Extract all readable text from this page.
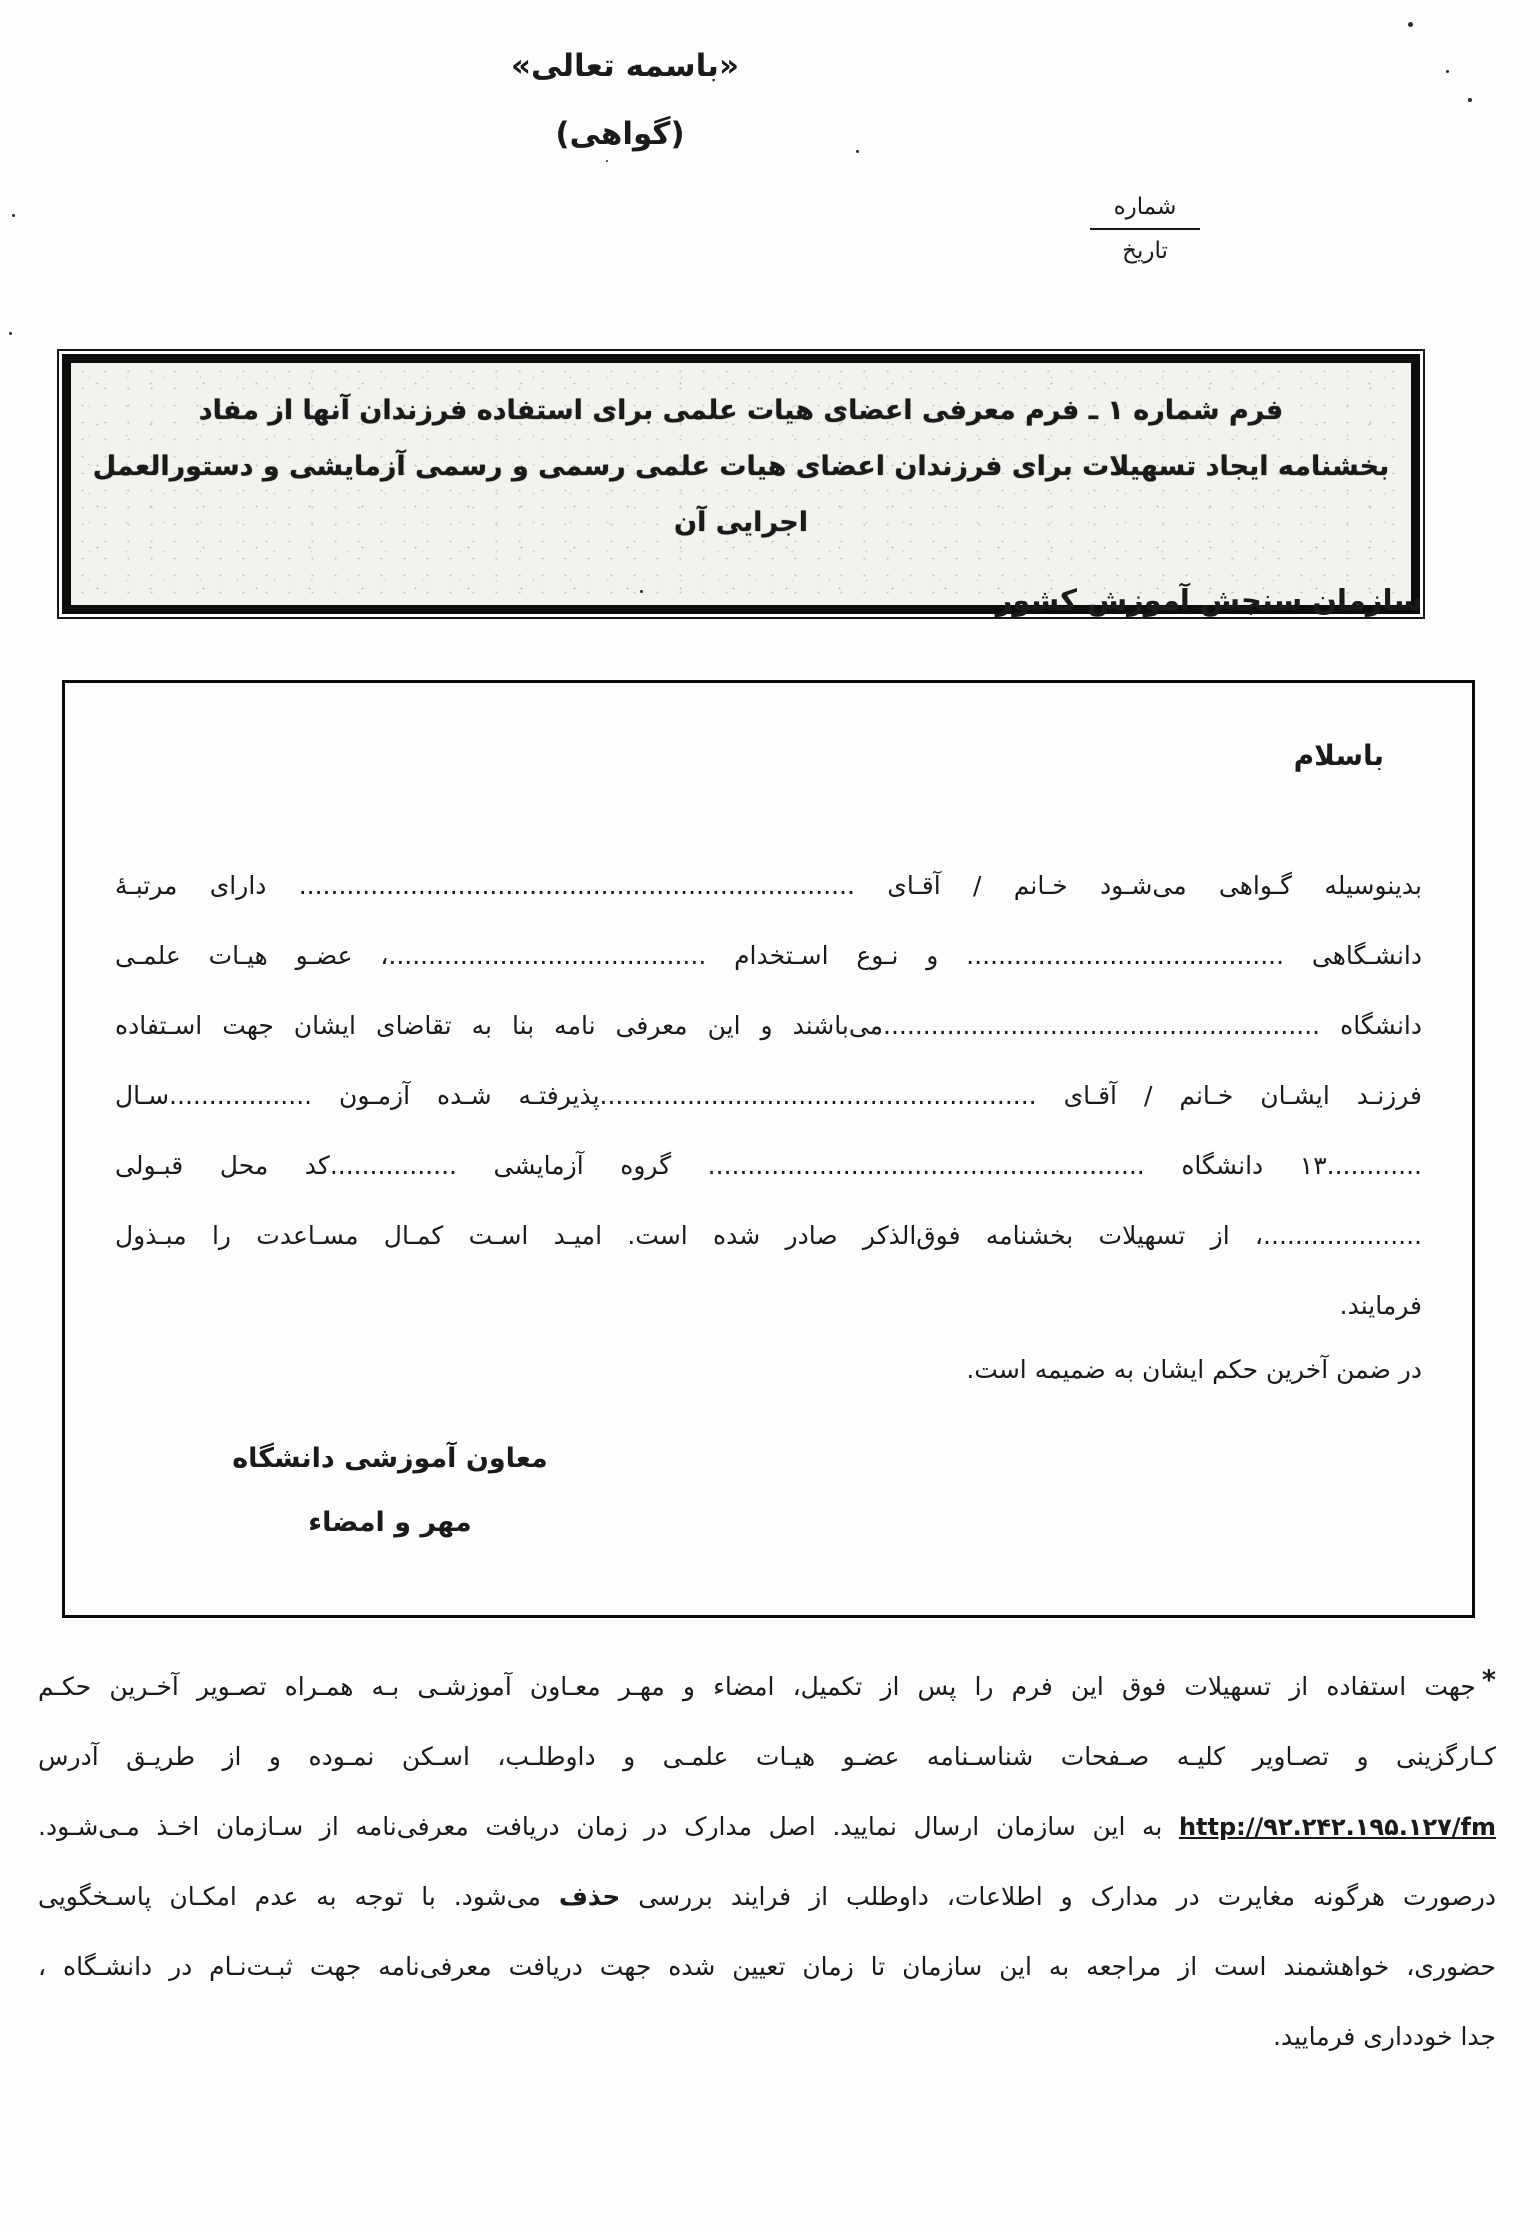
«باسمه تعالی»
(گواهی)
شماره
تاریخ
فرم شماره ۱ ـ فرم معرفی اعضای هیات علمی برای استفاده فرزندان آنها از مفاد
بخشنامه ایجاد تسهیلات برای فرزندان اعضای هیات علمی رسمی و رسمی آزمایشی و دستورالعمل اجرایی آن
سازمان سنجش آموزش کشور
باسلام
بدینوسیله گـواهی می‌شـود خـانم / آقـای ...................................................................... دارای مرتبـۀ
دانشـگاهی ........................................ و نـوع اسـتخدام ........................................، عضـو هیـات علمـی
دانشگاه .......................................................می‌باشند و این معرفی نامه بنا به تقاضای ایشان جهت اسـتفاده
فرزنـد ایشـان خـانم / آقـای .......................................................پذیرفتـه شـده آزمـون ..................سـال
............۱۳ دانشگاه ....................................................... گروه آزمایشی ................کد محل قبـولی
....................، از تسهیلات بخشنامه فوق‌الذکر صادر شده است. امیـد اسـت کمـال مسـاعدت را مبـذول
فرمایند.
در ضمن آخرین حکم ایشان به ضمیمه است.
معاون آموزشی دانشگاه
مهر و امضاء
*جهت استفاده از تسهیلات فوق این فرم را پس از تکمیل، امضاء و مهـر معـاون آموزشـی بـه همـراه تصـویر آخـرین حکـم
کـارگزینی و تصـاویر کلیـه صـفحات شناسـنامه عضـو هیـات علمـی و داوطلـب، اسـکن نمـوده و از طریـق آدرس
http://۹۲.۲۴۲.۱۹۵.۱۲۷/fm به این سازمان ارسال نمایید. اصل مدارک در زمان دریافت معرفی‌نامه از سـازمان اخـذ مـی‌شـود.
درصورت هرگونه مغایرت در مدارک و اطلاعات، داوطلب از فرایند بررسی حذف می‌شود. با توجه به عدم امکـان پاسـخگویی
حضوری، خواهشمند است از مراجعه به این سازمان تا زمان تعیین شده جهت دریافت معرفی‌نامه جهت ثبـت‌نـام در دانشـگاه ،
جدا خودداری فرمایید.
